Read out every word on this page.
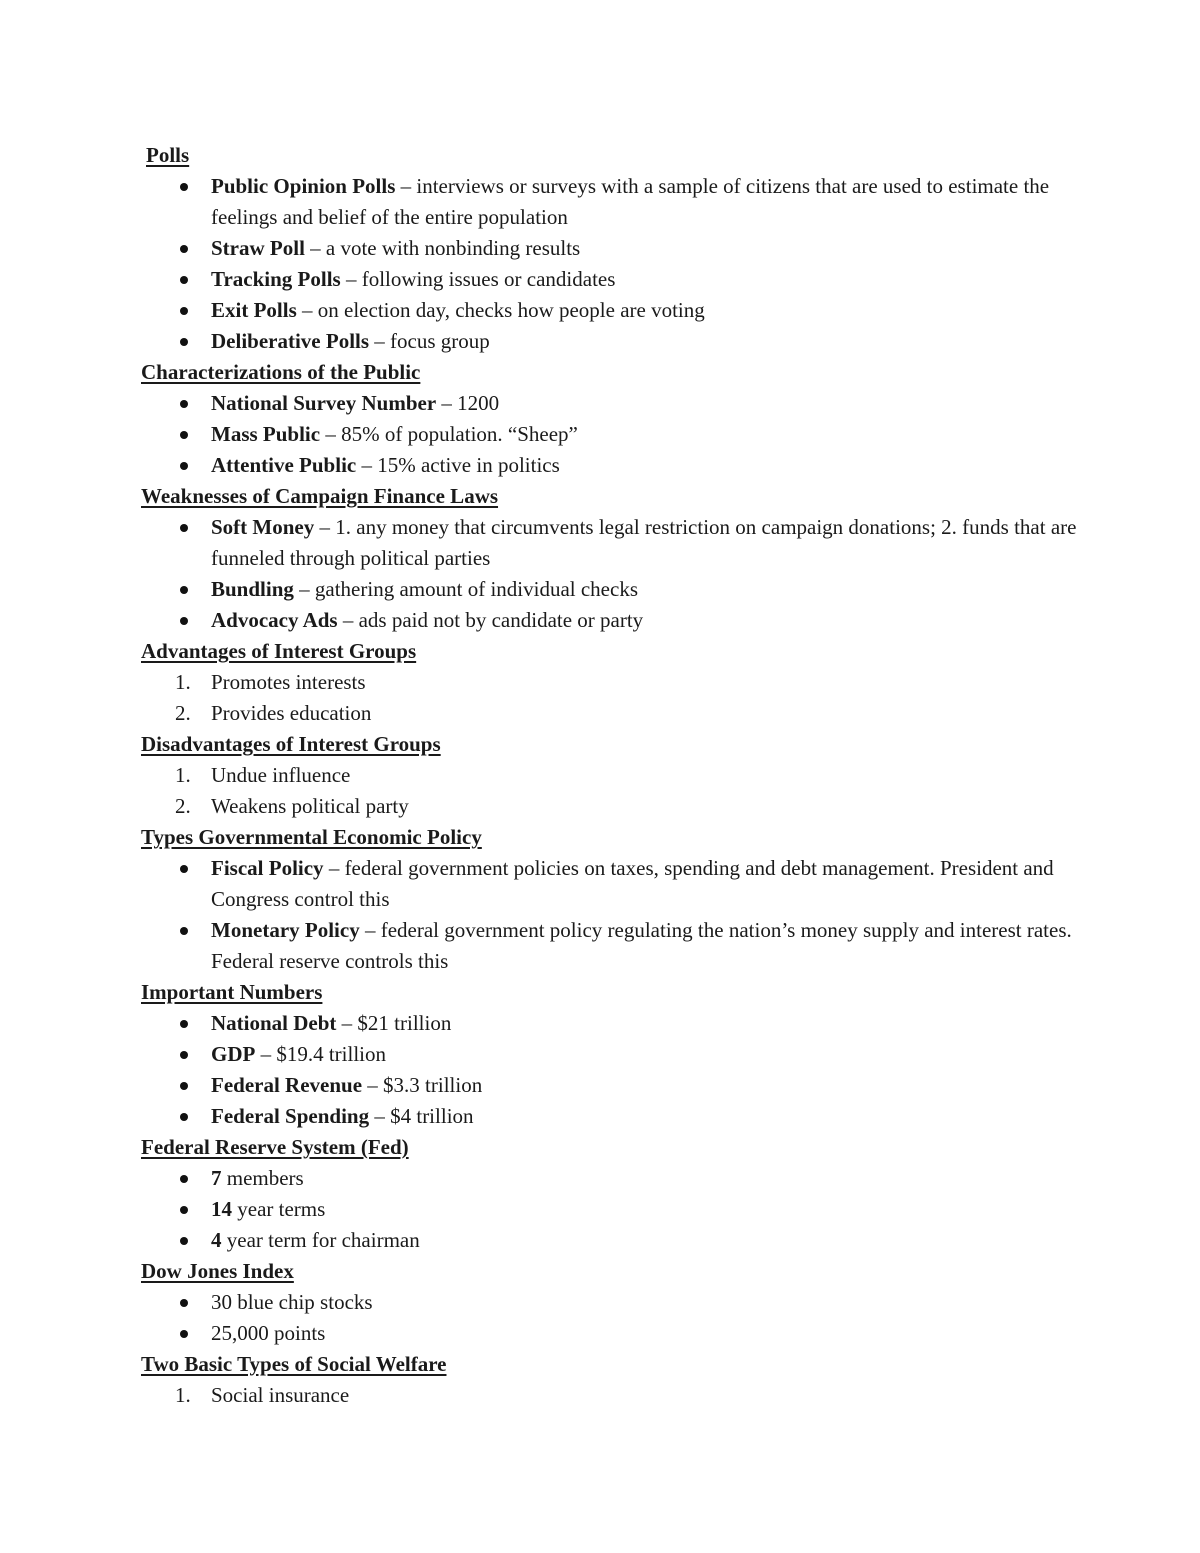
Polls
Public Opinion Polls – interviews or surveys with a sample of citizens that are used to estimate the feelings and belief of the entire population
Straw Poll – a vote with nonbinding results
Tracking Polls – following issues or candidates
Exit Polls – on election day, checks how people are voting
Deliberative Polls – focus group
Characterizations of the Public
National Survey Number – 1200
Mass Public – 85% of population. “Sheep”
Attentive Public – 15% active in politics
Weaknesses of Campaign Finance Laws
Soft Money – 1. any money that circumvents legal restriction on campaign donations; 2. funds that are funneled through political parties
Bundling – gathering amount of individual checks
Advocacy Ads – ads paid not by candidate or party
Advantages of Interest Groups
1. Promotes interests
2. Provides education
Disadvantages of Interest Groups
1. Undue influence
2. Weakens political party
Types Governmental Economic Policy
Fiscal Policy – federal government policies on taxes, spending and debt management. President and Congress control this
Monetary Policy – federal government policy regulating the nation’s money supply and interest rates. Federal reserve controls this
Important Numbers
National Debt – $21 trillion
GDP – $19.4 trillion
Federal Revenue – $3.3 trillion
Federal Spending – $4 trillion
Federal Reserve System (Fed)
7 members
14 year terms
4 year term for chairman
Dow Jones Index
30 blue chip stocks
25,000 points
Two Basic Types of Social Welfare
1. Social insurance
